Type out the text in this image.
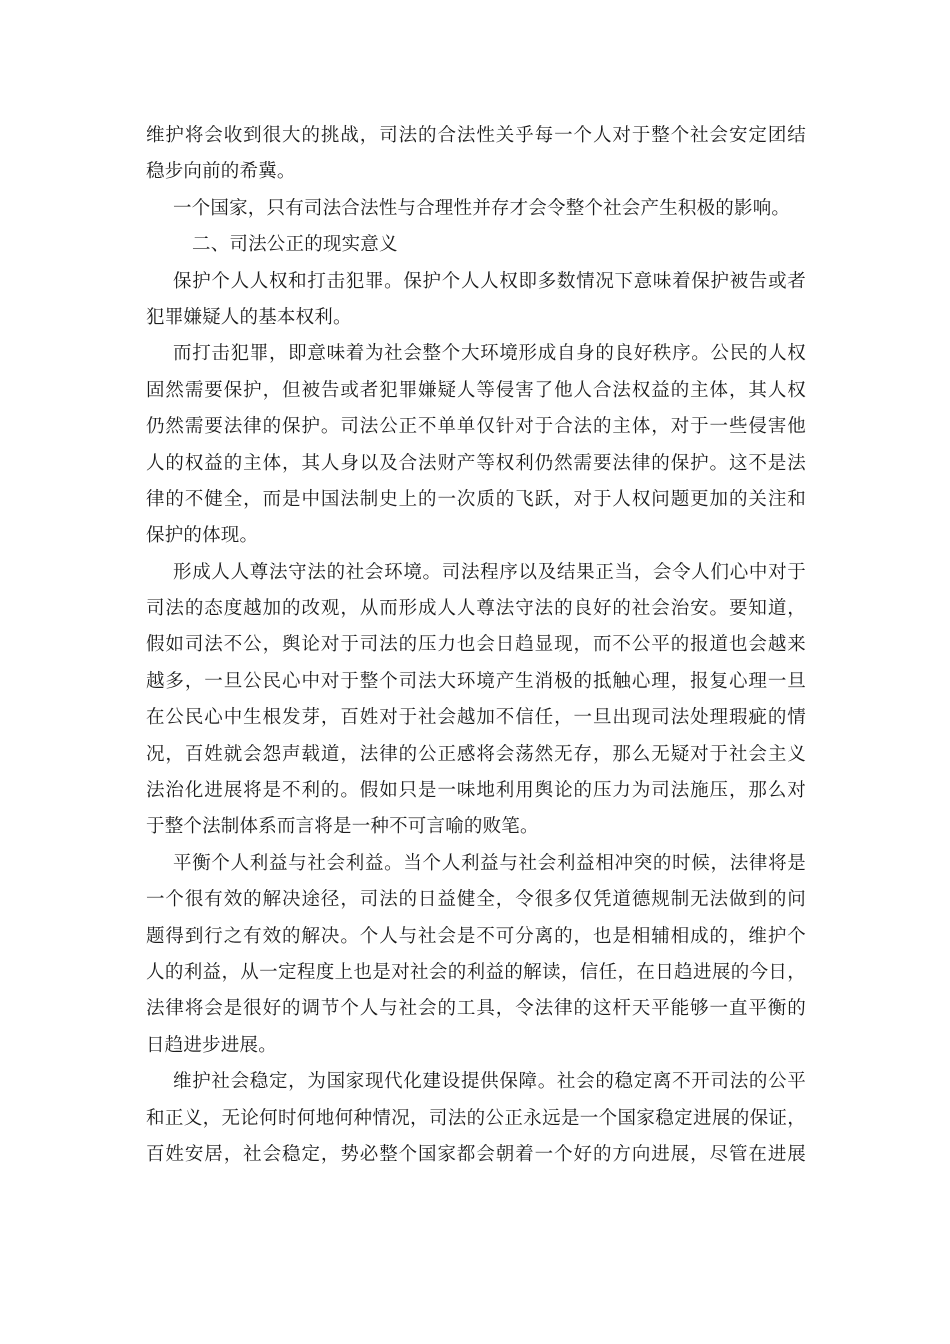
维护将会收到很大的挑战，司法的合法性关乎每一个人对于整个社会安定团结
稳步向前的希冀。
一个国家，只有司法合法性与合理性并存才会令整个社会产生积极的影响。
二、司法公正的现实意义
保护个人人权和打击犯罪。保护个人人权即多数情况下意味着保护被告或者
犯罪嫌疑人的基本权利。
而打击犯罪，即意味着为社会整个大环境形成自身的良好秩序。公民的人权
固然需要保护，但被告或者犯罪嫌疑人等侵害了他人合法权益的主体，其人权
仍然需要法律的保护。司法公正不单单仅针对于合法的主体，对于一些侵害他
人的权益的主体，其人身以及合法财产等权利仍然需要法律的保护。这不是法
律的不健全，而是中国法制史上的一次质的飞跃，对于人权问题更加的关注和
保护的体现。
形成人人尊法守法的社会环境。司法程序以及结果正当，会令人们心中对于
司法的态度越加的改观，从而形成人人尊法守法的良好的社会治安。要知道，
假如司法不公，舆论对于司法的压力也会日趋显现，而不公平的报道也会越来
越多，一旦公民心中对于整个司法大环境产生消极的抵触心理，报复心理一旦
在公民心中生根发芽，百姓对于社会越加不信任，一旦出现司法处理瑕疵的情
况，百姓就会怨声载道，法律的公正感将会荡然无存，那么无疑对于社会主义
法治化进展将是不利的。假如只是一味地利用舆论的压力为司法施压，那么对
于整个法制体系而言将是一种不可言喻的败笔。
平衡个人利益与社会利益。当个人利益与社会利益相冲突的时候，法律将是
一个很有效的解决途径，司法的日益健全，令很多仅凭道德规制无法做到的问
题得到行之有效的解决。个人与社会是不可分离的，也是相辅相成的，维护个
人的利益，从一定程度上也是对社会的利益的解读，信任，在日趋进展的今日，
法律将会是很好的调节个人与社会的工具，令法律的这杆天平能够一直平衡的
日趋进步进展。
维护社会稳定，为国家现代化建设提供保障。社会的稳定离不开司法的公平
和正义，无论何时何地何种情况，司法的公正永远是一个国家稳定进展的保证，
百姓安居，社会稳定，势必整个国家都会朝着一个好的方向进展，尽管在进展
